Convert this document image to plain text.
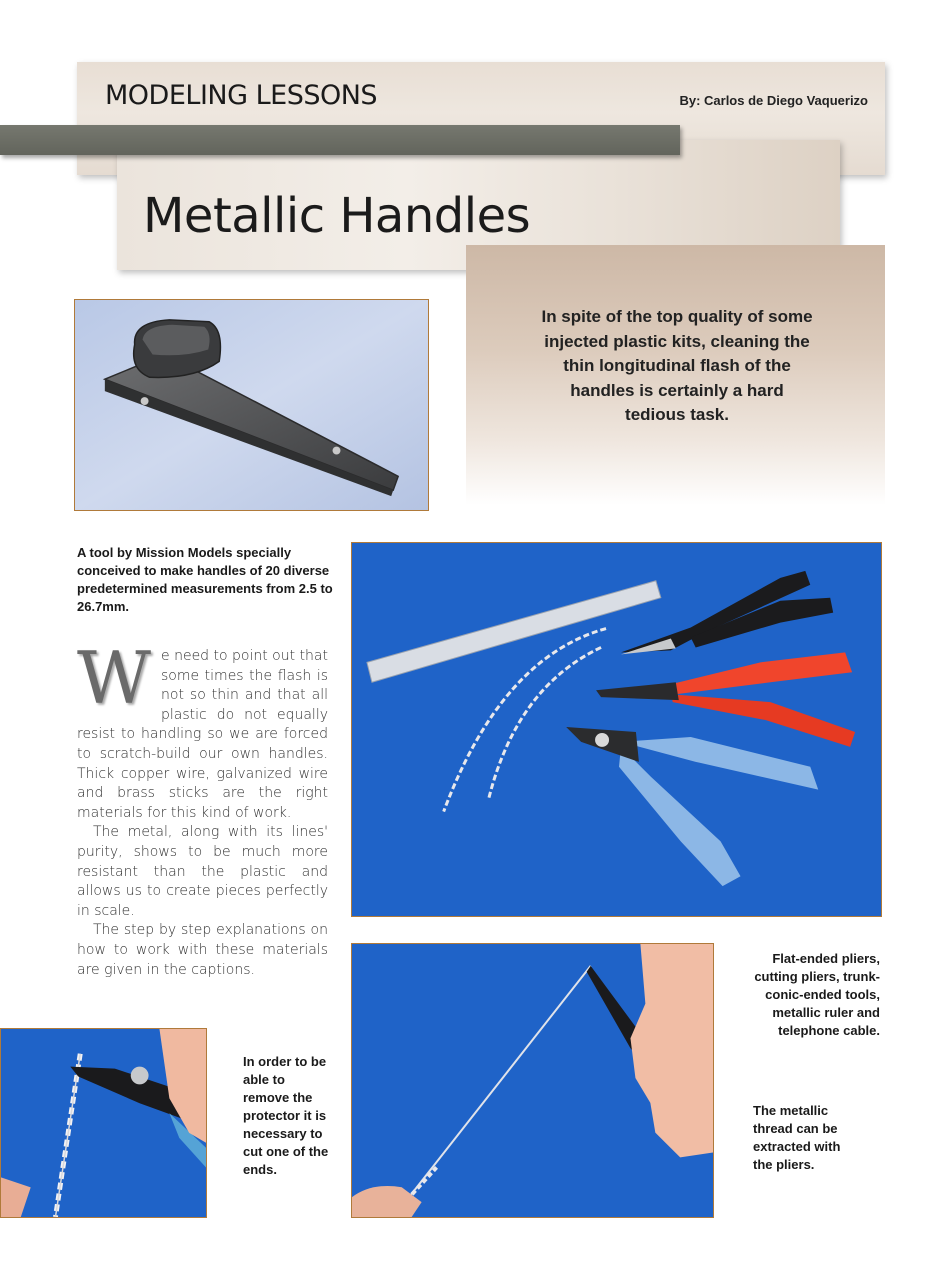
MODELING LESSONS	By: Carlos de Diego Vaquerizo
Metallic Handles
In spite of the top quality of some injected plastic kits, cleaning the thin longitudinal flash of the handles is certainly a hard tedious task.
A tool by Mission Models specially conceived to make handles of 20 diverse predetermined measurements from 2.5 to 26.7mm.
W e need to point out that some times the flash is not so thin and that all plastic do not equally resist to handling so we are forced to scratch-build our own handles. Thick copper wire, galvanized wire and brass sticks are the right materials for this kind of work.

The metal, along with its lines' purity, shows to be much more resistant than the plastic and allows us to create pieces perfectly in scale.

The step by step explanations on how to work with these materials are given in the captions.

Flat-ended pliers, cutting pliers, trunk-conic-ended tools, metallic ruler and telephone cable.
The metallic thread can be extracted with the pliers.
In order to be able to remove the protector it is necessary to cut one of the ends.
